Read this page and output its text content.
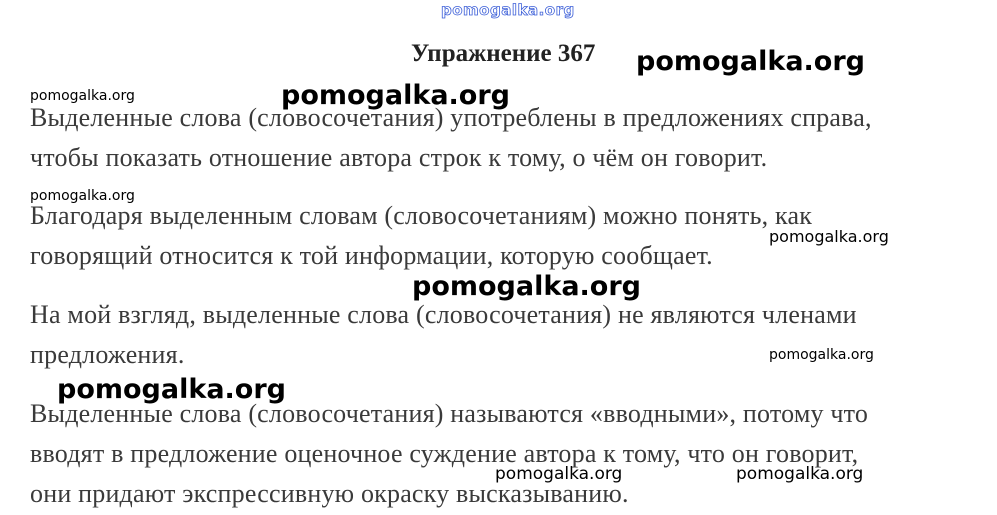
pomogalka.org
Упражнение 367 pomogalka.org
pomogalka.org	pomogalka.org

Выделенные слова (словосочетания) употреблены в предложениях справа,
чтобы показать отношение автора строк к тому, о чём он говорит.

pomogalka.org

Благодаря выделенным словам (словосочетаниям) можно понять, как
говорящий относится к той информации, которую сообщает.

pomogalka.org
pomogalka.org

На мой взгляд, выделенные слова (словосочетания) не являются членами
предложения.	pomogalka.org
pomogalka.org

Выделенные слова (словосочетания) называются «вводными», потому что
вводят в предложение оценочное суждение автора к тому, что он говорит,
они придают экспрессивную окраску высказыванию.

pomogalka.org	pomogalka.org
